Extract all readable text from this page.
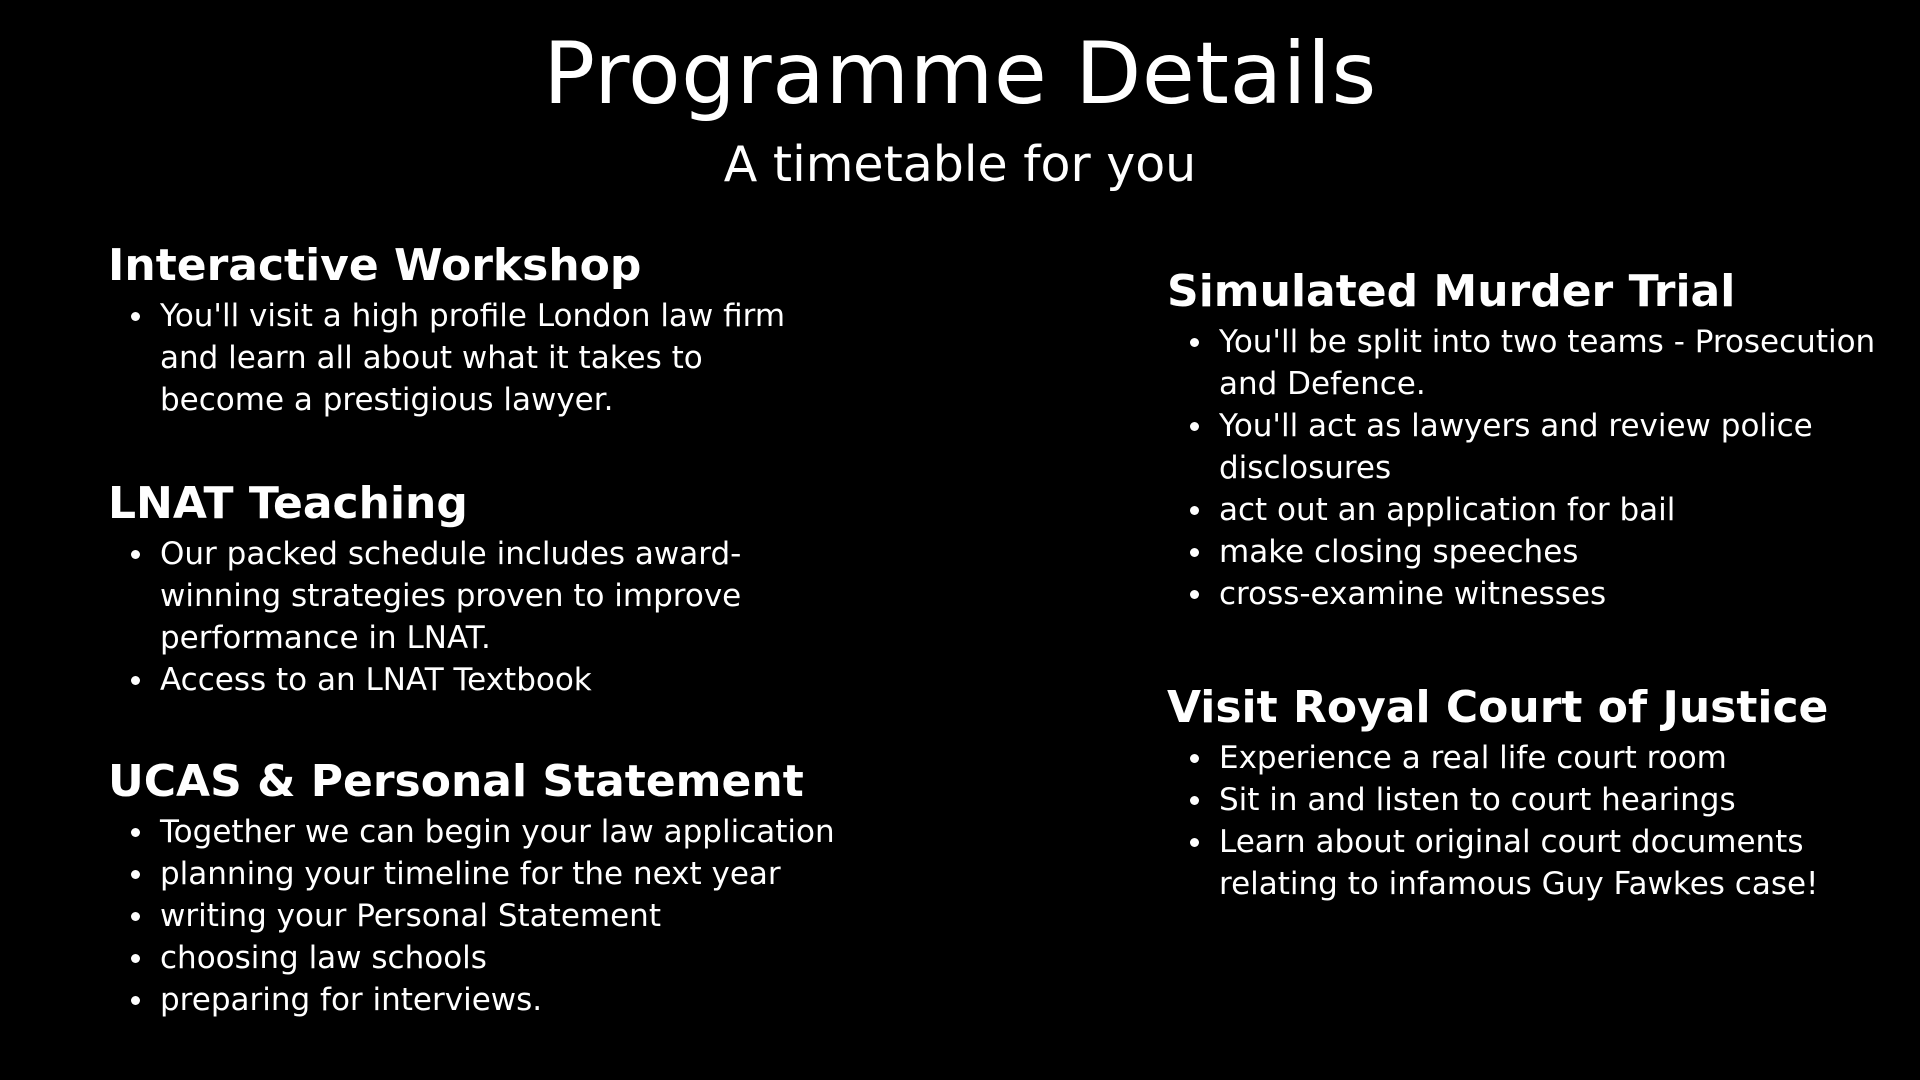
Programme Details
A timetable for you
Interactive Workshop
You'll visit a high profile London law firm and learn all about what it takes to become a prestigious lawyer.
LNAT Teaching
Our packed schedule includes award-winning strategies proven to improve performance in LNAT.
Access to an LNAT Textbook
UCAS & Personal Statement
Together we can begin your law application
planning your timeline for the next year
writing your Personal Statement
choosing law schools
preparing for interviews.
Simulated Murder Trial
You'll be split into two teams - Prosecution and Defence.
You'll act as lawyers and review police disclosures
act out an application for bail
make closing speeches
cross-examine witnesses
Visit Royal Court of Justice
Experience a real life court room
Sit in and listen to court hearings
Learn about original court documents relating to infamous Guy Fawkes case!
